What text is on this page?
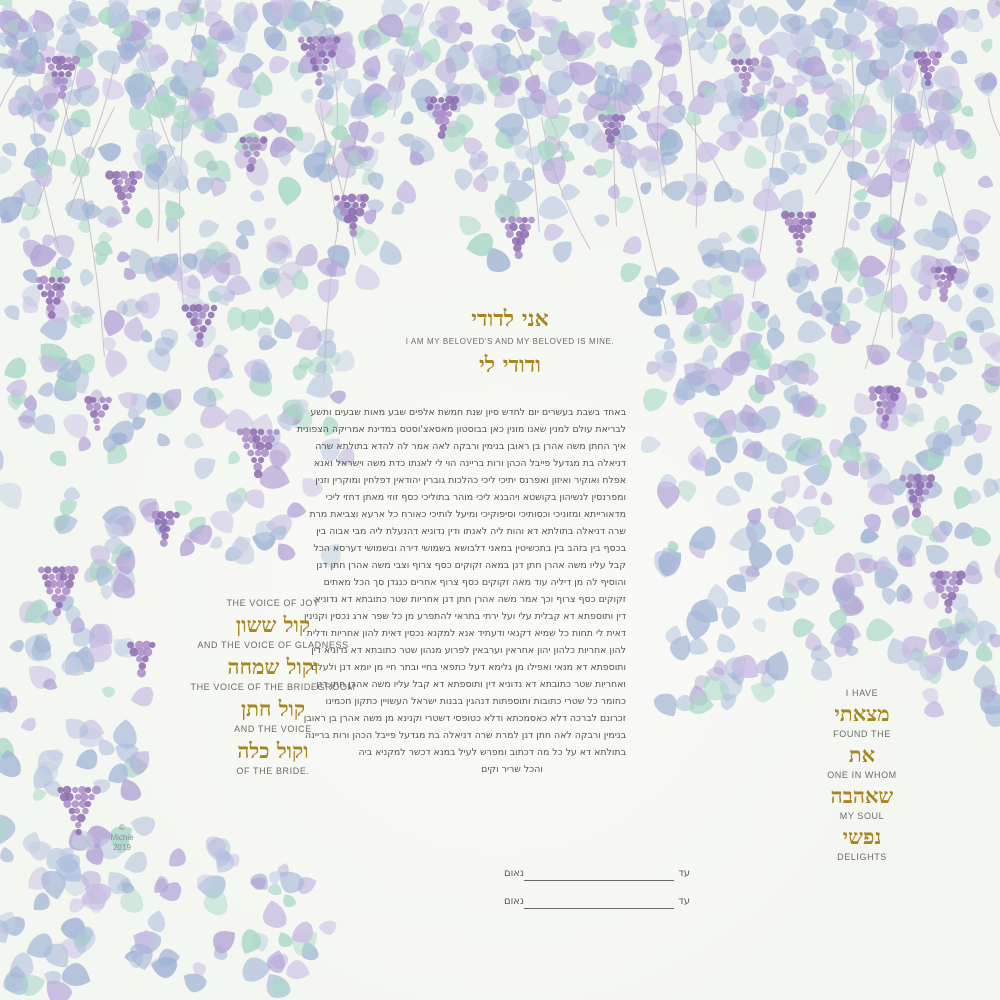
אני לדודי
I AM MY BELOVED'S AND MY BELOVED IS MINE.
ודודי לי
באחד בשבת בעשרים יום לחדש סיון שנת חמשת אלפים שבע מאות שבעים ותשע
לבריאת עולם למנין שאנו מונין כאן בבוסטון מאסאצ'וסטס במדינת אמריקה הצפונית
איך החתן משה אהרן בן ראובן בנימין ורבקה לאה אמר לה להדא בתולתא שרה
דניאלה בת מגדעל פייבל הכהן ורות בריינה הוי לי לאנתו כדת משה וישראל ואנא
אפלח ואוקיר ואיזון ואפרנס יתיכי ליכי כהלכות גוברין יהודאין דפלחין ומוקרין וזנין
ומפרנסין לנשיהון בקושטא ויהבנא ליכי מוהר בתוליכי כסף זוזי מאתן דחזי ליכי
מדאורייתא ומזוניכי וכסותיכי וסיפוקיכי ומיעל לותיכי כאורח כל ארעא וצביאת מרת
שרה דניאלה בתולתא דא והות ליה לאנתו ודין נדוניא דהנעלת ליה מבי אבוה בין
בכסף בין בזהב בין בתכשיטין במאני דלבושא בשמושי דירה ובשמושי דערסא הכל
קבל עליו משה אהרן חתן דנן במאה זקוקים כסף צרוף וצבי משה אהרן חתן דנן
והוסיף לה מן דיליה עוד מאה זקוקים כסף צרוף אחרים כנגדן סך הכל מאתים
זקוקים כסף צרוף וכך אמר משה אהרן חתן דנן אחריות שטר כתובתא דא נדוניא
דין ותוספתא דא קבלית עלי ועל ירתי בתראי להתפרע מן כל שפר ארג נכסין וקנינין
דאית לי תחות כל שמיא דקנאי ודעתיד אנא למקנא נכסין דאית להון אחריות ודלית
להון אחריות כלהון יהון אחראין וערבאין לפרוע מנהון שטר כתובתא דא נדוניא דין
ותוספתא דא מנאי ואפילו מן גלימא דעל כתפאי בחיי ובתר חיי מן יומא דנן ולעלם
ואחריות שטר כתובתא דא נדוניא דין ותוספתא דא קבל עליו משה אהרן חתן דנן
כחומר כל שטרי כתובות ותוספתות דנהגין בבנות ישראל העשויין כתקון חכמינו
זכרונם לברכה דלא כאסמכתא ודלא כטופסי דשטרי וקנינא מן משה אהרן בן ראובן
בנימין ורבקה לאה חתן דנן למרת שרה דניאלה בת מגדעל פייבל הכהן ורות בריינה
בתולתא דא על כל מה דכתוב ומפרש לעיל במנא דכשר למקניא ביה
והכל שריר וקים
עד
נאום
עד
נאום
THE VOICE OF JOY
קול ששון
AND THE VOICE OF GLADNESS
וקול שמחה
THE VOICE OF THE BRIDEGROOM
קול חתן
AND THE VOICE
וקול כלה
OF THE BRIDE.
I HAVE
מצאתי
FOUND THE
את
ONE IN WHOM
שאהבה
MY SOUL
נפשי
DELIGHTS
©
Michie
2019
